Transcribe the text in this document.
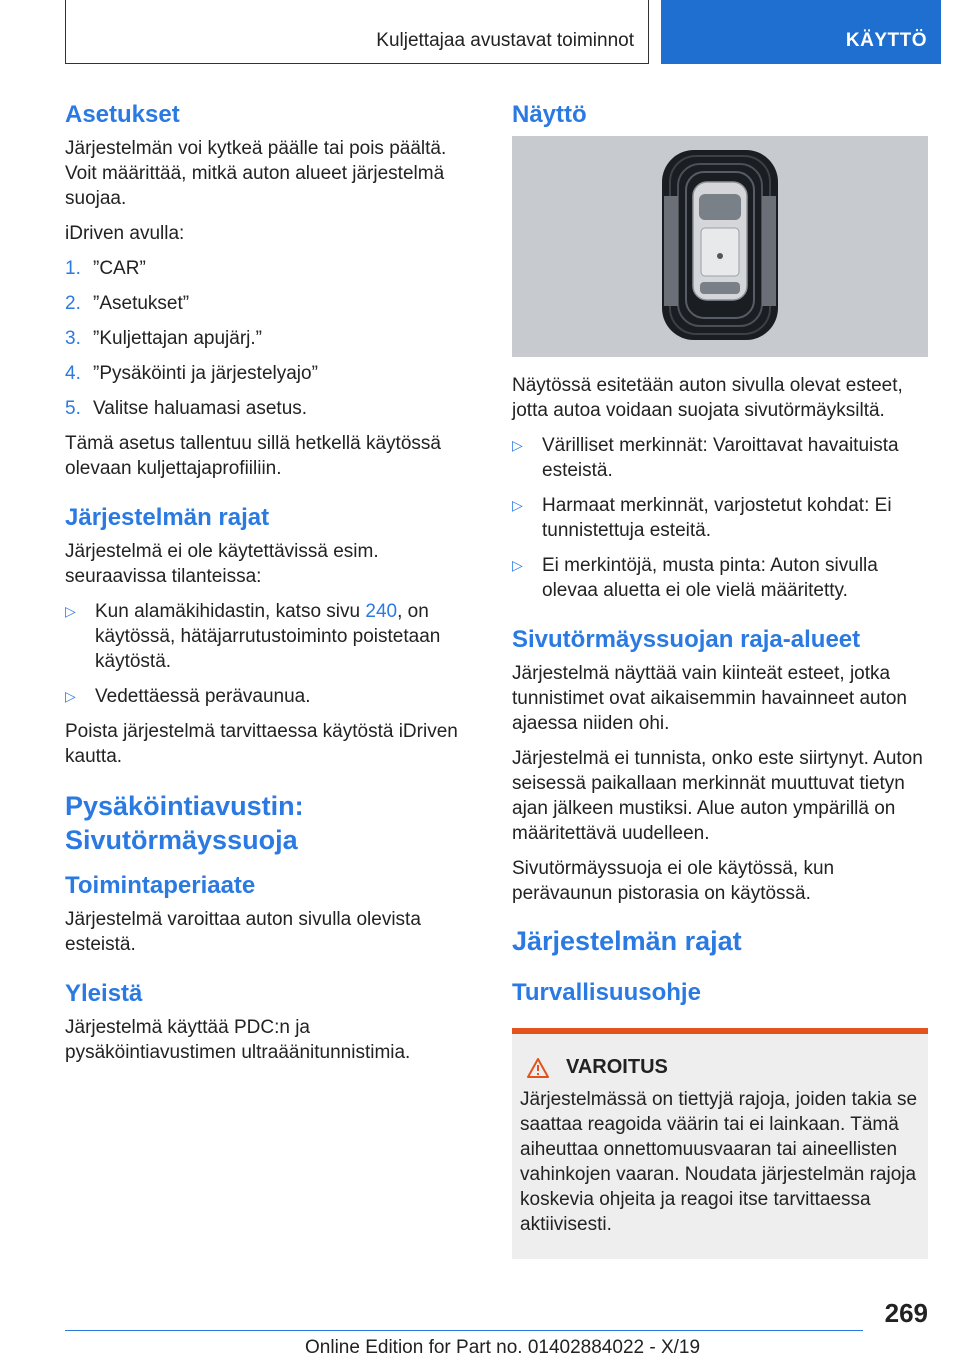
Kuljettajaa avustavat toiminnot	KÄYTTÖ
Asetukset

Järjestelmän voi kytkeä päälle tai pois päältä. Voit määrittää, mitkä auton alueet järjestelmä suojaa.

iDriven avulla:

1. ”CAR”
2. ”Asetukset”
3. ”Kuljettajan apujärj.”
4. ”Pysäköinti ja järjestelyajo”
5. Valitse haluamasi asetus.

Tämä asetus tallentuu sillä hetkellä käytössä olevaan kuljettajaprofiiliin.

Järjestelmän rajat

Järjestelmä ei ole käytettävissä esim. seuraavissa tilanteissa:

▷	Kun alamäkihidastin, katso sivu 240, on käytössä, hätäjarrutustoiminto poistetaan käytöstä.
▷	Vedettäessä perävaunua.

Poista järjestelmä tarvittaessa käytöstä iDriven kautta.

Pysäköintiavustin:
Sivutörmäyssuoja
Toimintaperiaate

Järjestelmä varoittaa auton sivulla olevista esteistä.

Yleistä

Järjestelmä käyttää PDC:n ja pysäköintiavustimen ultraäänitunnistimia.

Näyttö

Näytössä esitetään auton sivulla olevat esteet, jotta autoa voidaan suojata sivutörmäyksiltä.

▷	Värilliset merkinnät: Varoittavat havaituista esteistä.
▷	Harmaat merkinnät, varjostetut kohdat: Ei tunnistettuja esteitä.
▷	Ei merkintöjä, musta pinta: Auton sivulla olevaa aluetta ei ole vielä määritetty.
Sivutörmäyssuojan raja-alueet

Järjestelmä näyttää vain kiinteät esteet, jotka tunnistimet ovat aikaisemmin havainneet auton ajaessa niiden ohi.

Järjestelmä ei tunnista, onko este siirtynyt. Auton seisessä paikallaan merkinnät muuttuvat tietyn ajan jälkeen mustiksi. Alue auton ympärillä on määritettävä uudelleen.

Sivutörmäyssuoja ei ole käytössä, kun perävaunun pistorasia on käytössä.

Järjestelmän rajat
Turvallisuusohje
VAROITUS

Järjestelmässä on tiettyjä rajoja, joiden takia se saattaa reagoida väärin tai ei lainkaan. Tämä aiheuttaa onnettomuusvaaran tai aineellisten vahinkojen vaaran. Noudata järjestelmän rajoja koskevia ohjeita ja reagoi itse tarvittaessa aktiivisesti.

269
Online Edition for Part no. 01402884022 - X/19
